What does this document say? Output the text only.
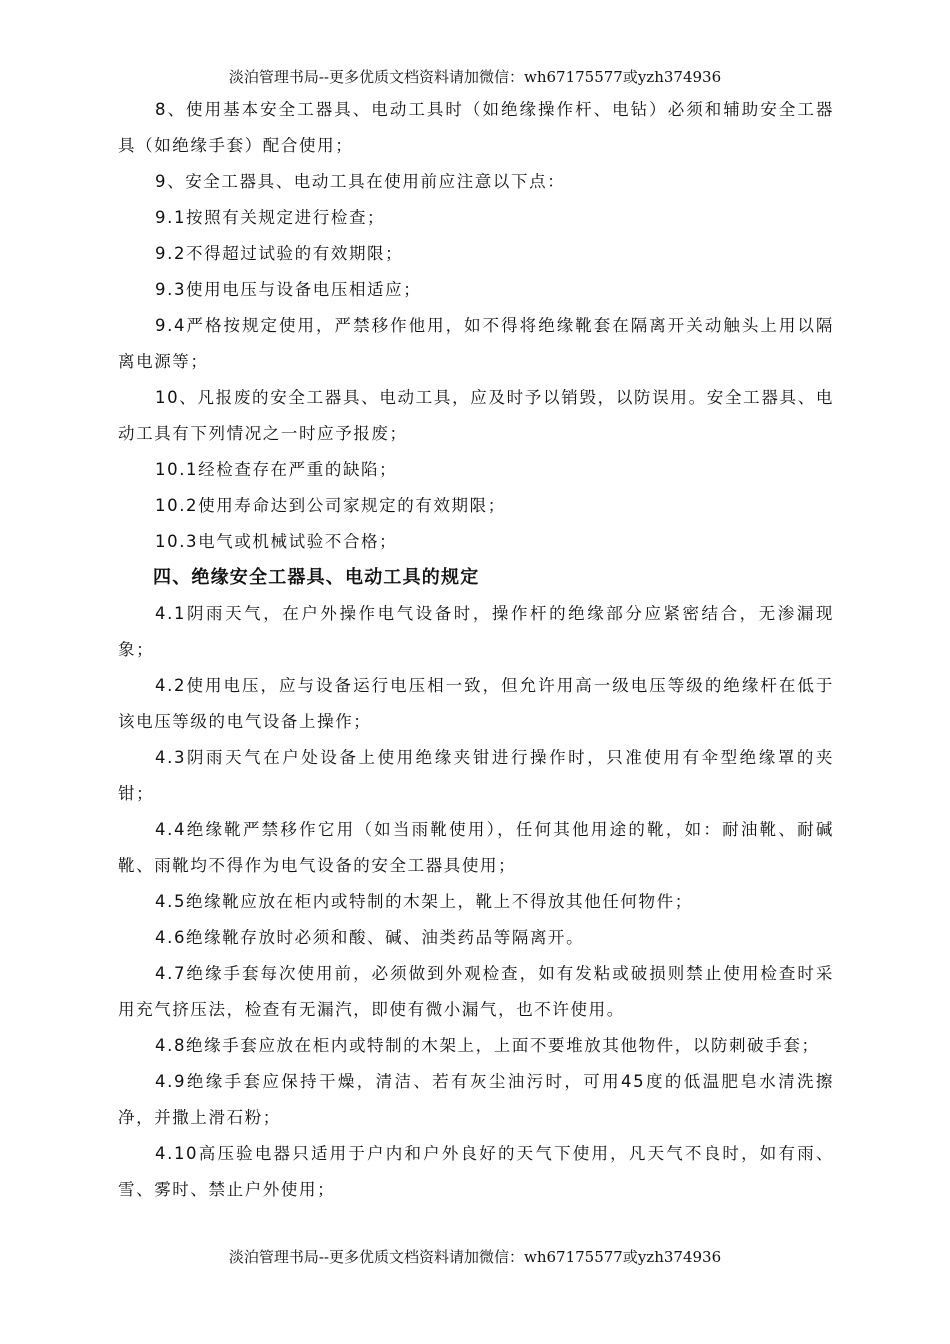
淡泊管理书局--更多优质文档资料请加微信：wh67175577或yzh374936

8、使用基本安全工器具、电动工具时（如绝缘操作杆、电钻）必须和辅助安全工器具（如绝缘手套）配合使用；

9、安全工器具、电动工具在使用前应注意以下点：

9.1按照有关规定进行检查；

9.2不得超过试验的有效期限；

9.3使用电压与设备电压相适应；

9.4严格按规定使用，严禁移作他用，如不得将绝缘靴套在隔离开关动触头上用以隔离电源等；

10、凡报废的安全工器具、电动工具，应及时予以销毁，以防误用。安全工器具、电动工具有下列情况之一时应予报废；

10.1经检查存在严重的缺陷；

10.2使用寿命达到公司家规定的有效期限；

10.3电气或机械试验不合格；

四、绝缘安全工器具、电动工具的规定

4.1阴雨天气，在户外操作电气设备时，操作杆的绝缘部分应紧密结合，无渗漏现象；

4.2使用电压，应与设备运行电压相一致，但允许用高一级电压等级的绝缘杆在低于该电压等级的电气设备上操作；

4.3阴雨天气在户处设备上使用绝缘夹钳进行操作时，只准使用有伞型绝缘罩的夹钳；

4.4绝缘靴严禁移作它用（如当雨靴使用），任何其他用途的靴，如：耐油靴、耐碱靴、雨靴均不得作为电气设备的安全工器具使用；

4.5绝缘靴应放在柜内或特制的木架上，靴上不得放其他任何物件；

4.6绝缘靴存放时必须和酸、碱、油类药品等隔离开。

4.7绝缘手套每次使用前，必须做到外观检查，如有发粘或破损则禁止使用检查时采用充气挤压法，检查有无漏汽，即使有微小漏气，也不许使用。

4.8绝缘手套应放在柜内或特制的木架上，上面不要堆放其他物件，以防刺破手套；

4.9绝缘手套应保持干燥，清洁、若有灰尘油污时，可用45度的低温肥皂水清洗擦净，并撒上滑石粉；

4.10高压验电器只适用于户内和户外良好的天气下使用，凡天气不良时，如有雨、雪、雾时、禁止户外使用；

淡泊管理书局--更多优质文档资料请加微信：wh67175577或yzh374936
